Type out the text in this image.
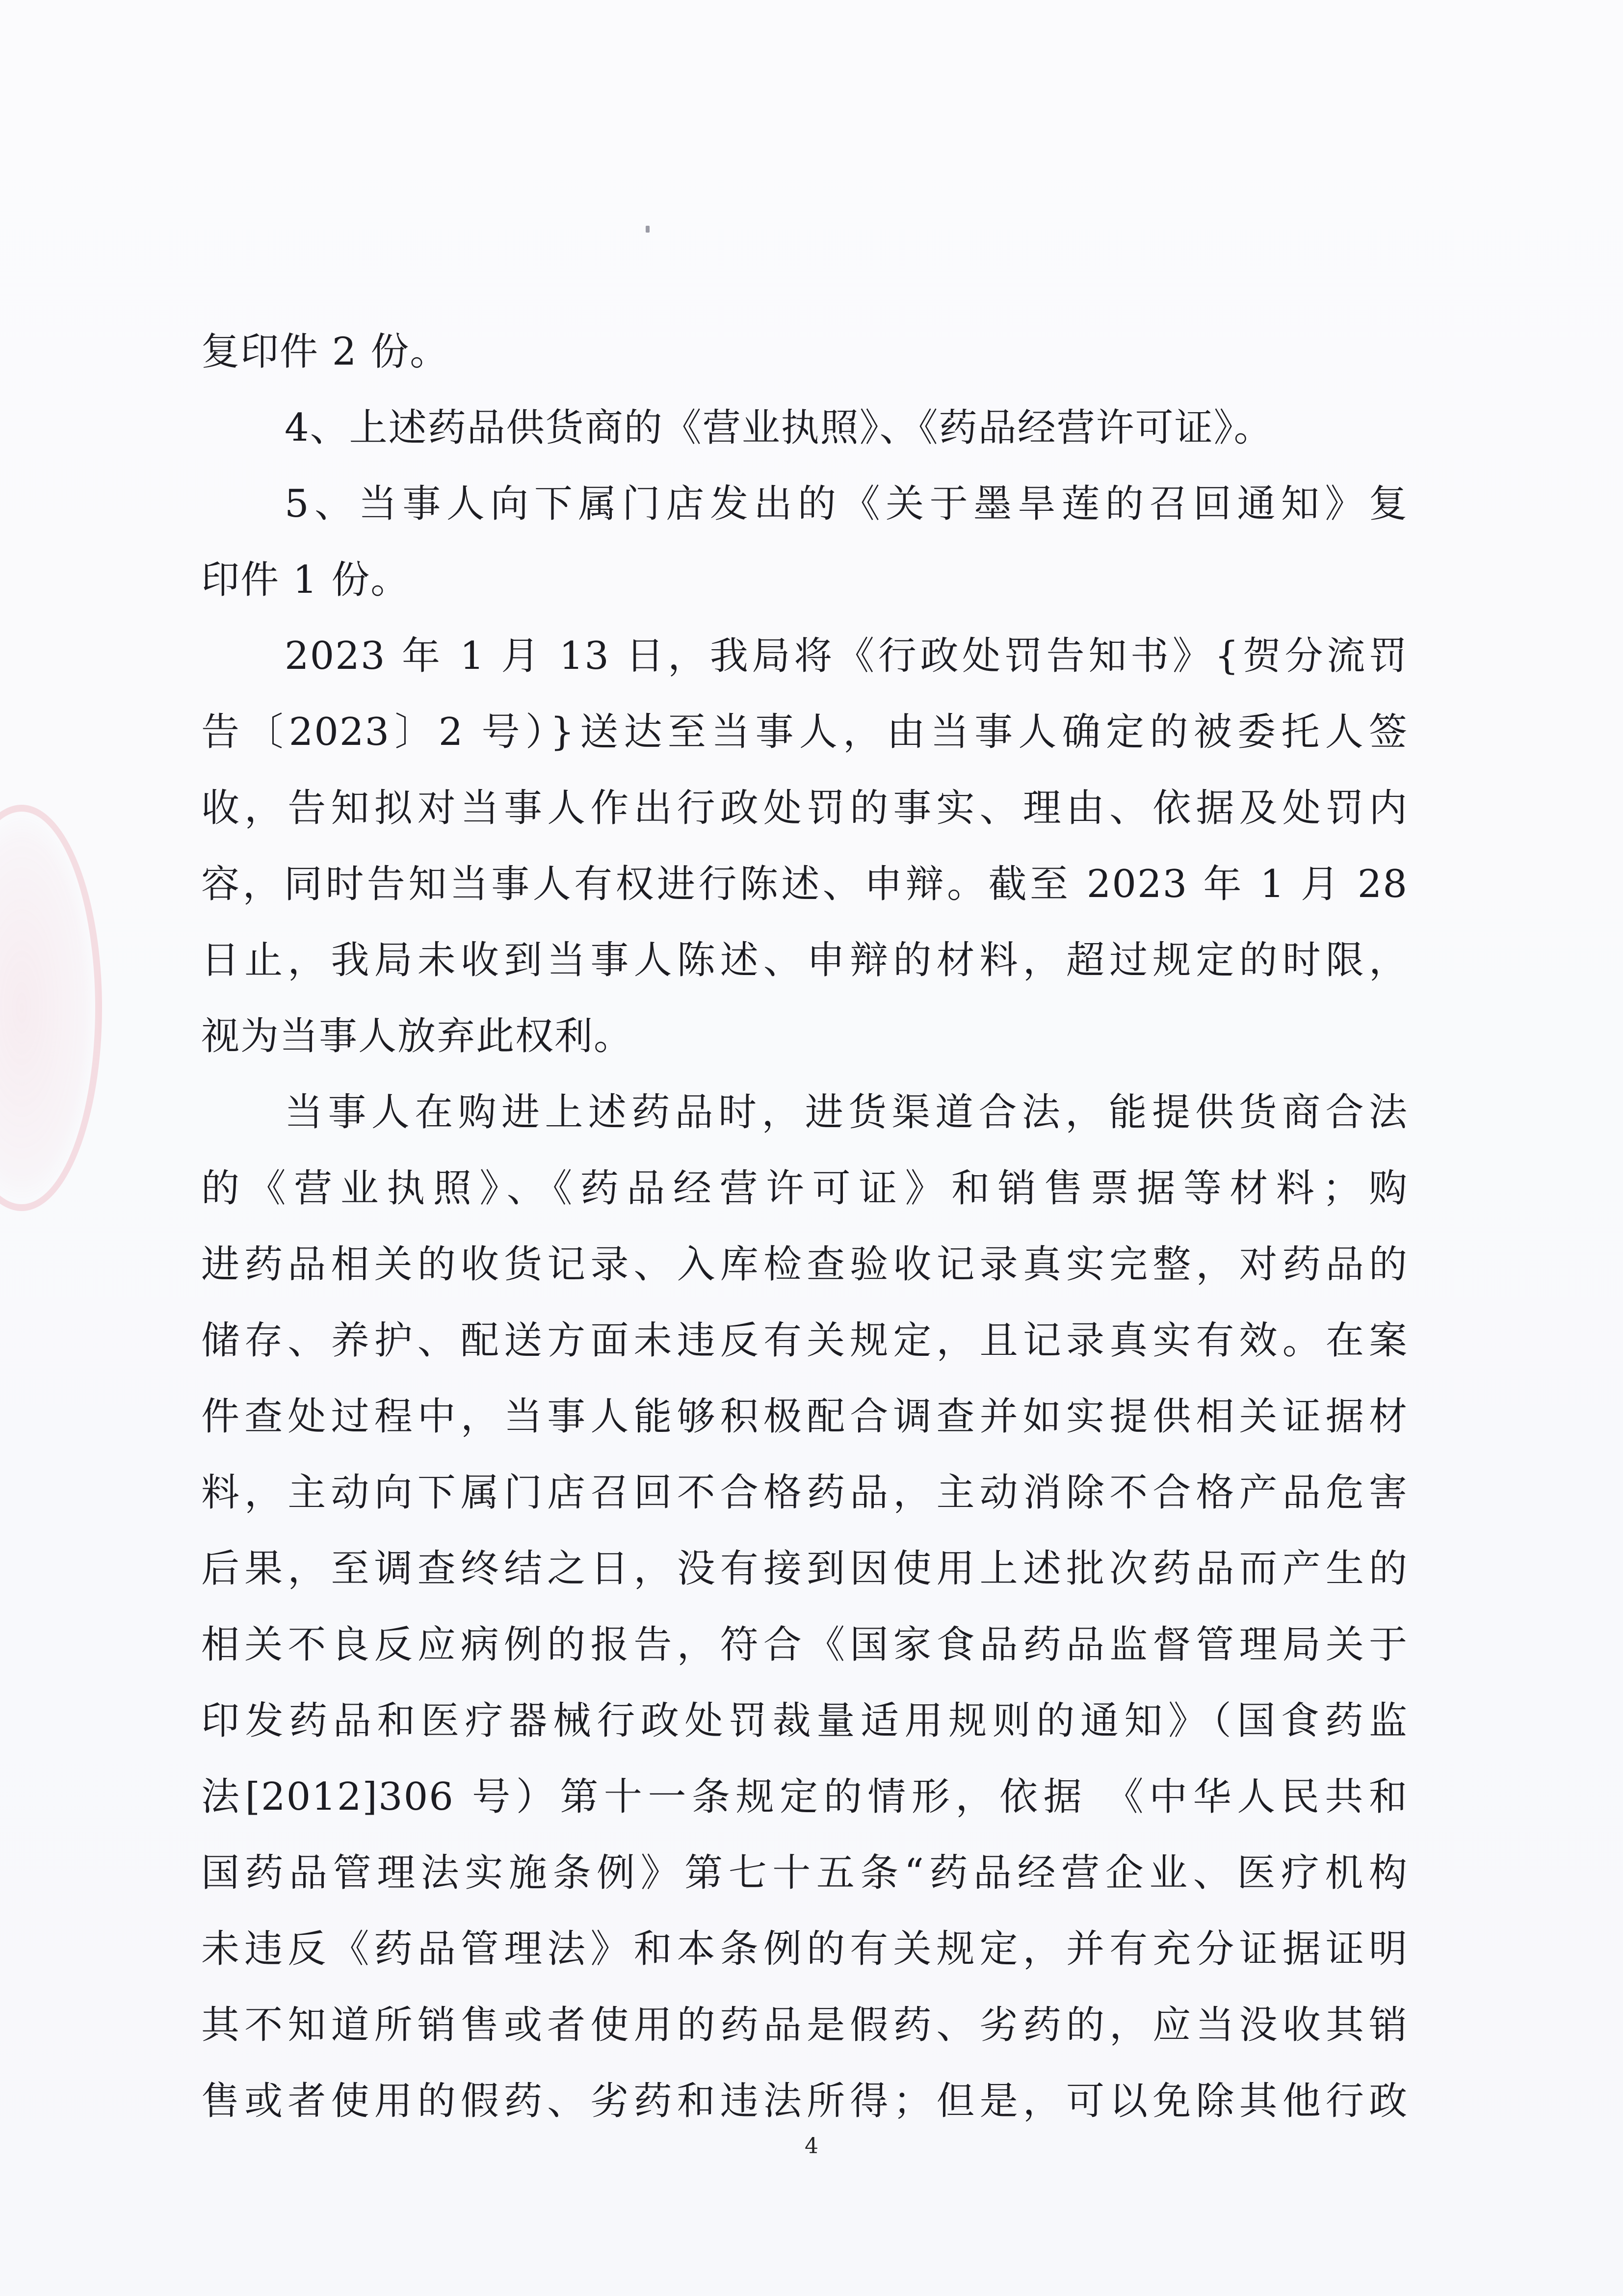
复印件 2 份。
4、上述药品供货商的《营业执照》、《药品经营许可证》。
5、当事人向下属门店发出的《关于墨旱莲的召回通知》复
印件 1 份。
2023 年 1 月 13 日，我局将《行政处罚告知书》{贺分流罚
告〔2023〕2 号）}送达至当事人，由当事人确定的被委托人签
收，告知拟对当事人作出行政处罚的事实、理由、依据及处罚内
容，同时告知当事人有权进行陈述、申辩。截至 2023 年 1 月 28
日止，我局未收到当事人陈述、申辩的材料，超过规定的时限，
视为当事人放弃此权利。
当事人在购进上述药品时，进货渠道合法，能提供货商合法
的《营业执照》、《药品经营许可证》和销售票据等材料；购
进药品相关的收货记录、入库检查验收记录真实完整，对药品的
储存、养护、配送方面未违反有关规定，且记录真实有效。在案
件查处过程中，当事人能够积极配合调查并如实提供相关证据材
料，主动向下属门店召回不合格药品，主动消除不合格产品危害
后果，至调查终结之日，没有接到因使用上述批次药品而产生的
相关不良反应病例的报告，符合《国家食品药品监督管理局关于
印发药品和医疗器械行政处罚裁量适用规则的通知》（国食药监
法[2012]306 号）第十一条规定的情形，依据 《中华人民共和
国药品管理法实施条例》第七十五条“药品经营企业、医疗机构
未违反《药品管理法》和本条例的有关规定，并有充分证据证明
其不知道所销售或者使用的药品是假药、劣药的，应当没收其销
售或者使用的假药、劣药和违法所得；但是，可以免除其他行政
4
